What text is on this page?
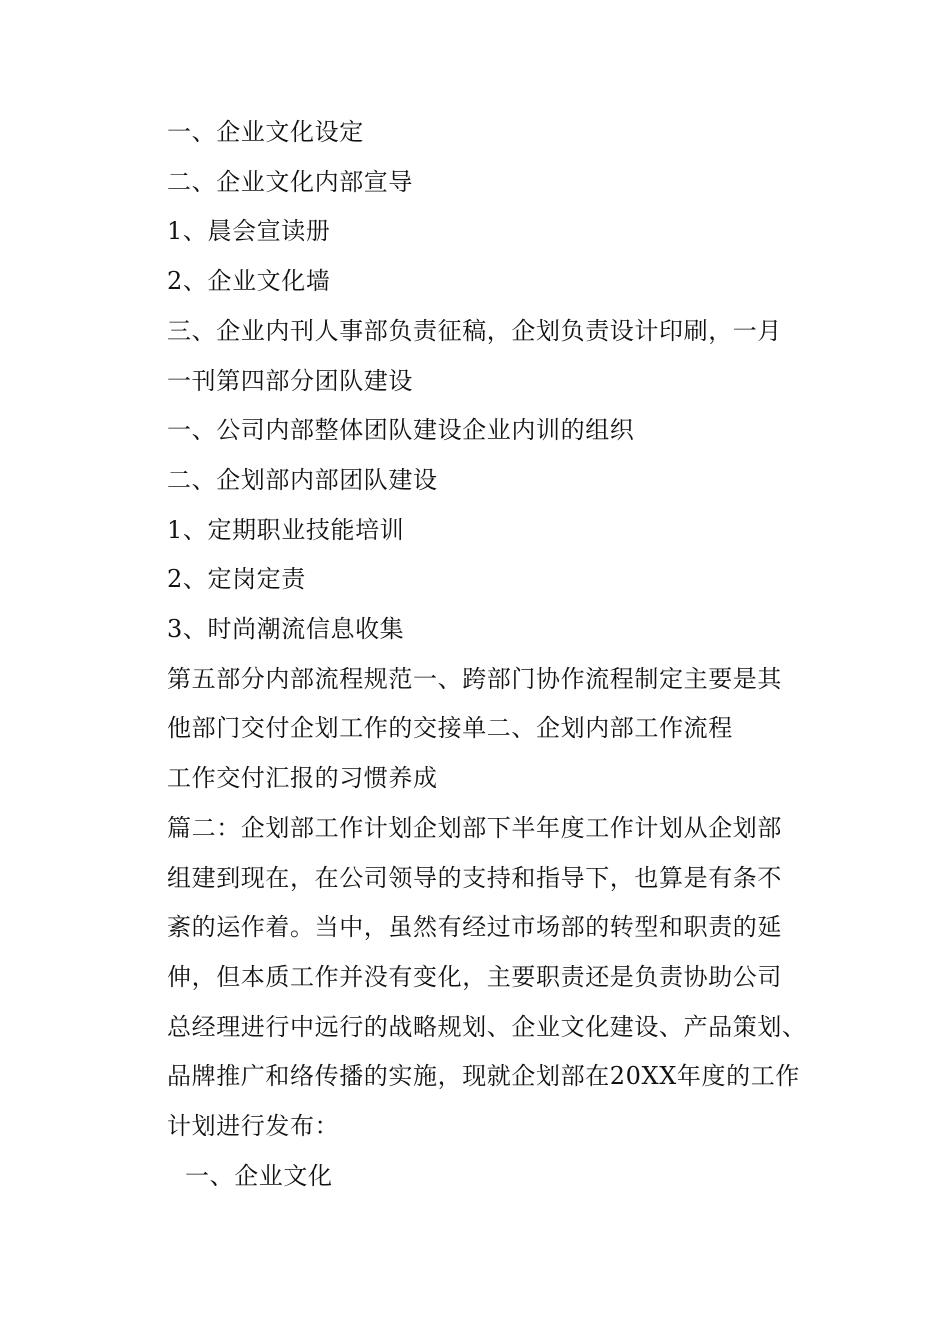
一、企业文化设定
二、企业文化内部宣导
1、晨会宣读册
2、企业文化墙
三、企业内刊人事部负责征稿，企划负责设计印刷，一月
一刊第四部分团队建设
一、公司内部整体团队建设企业内训的组织
二、企划部内部团队建设
1、定期职业技能培训
2、定岗定责
3、时尚潮流信息收集
第五部分内部流程规范一、跨部门协作流程制定主要是其
他部门交付企划工作的交接单二、企划内部工作流程
工作交付汇报的习惯养成
篇二：企划部工作计划企划部下半年度工作计划从企划部
组建到现在，在公司领导的支持和指导下，也算是有条不
紊的运作着。当中，虽然有经过市场部的转型和职责的延
伸，但本质工作并没有变化，主要职责还是负责协助公司
总经理进行中远行的战略规划、企业文化建设、产品策划、
品牌推广和络传播的实施，现就企划部在20XX年度的工作
计划进行发布：
一、企业文化
